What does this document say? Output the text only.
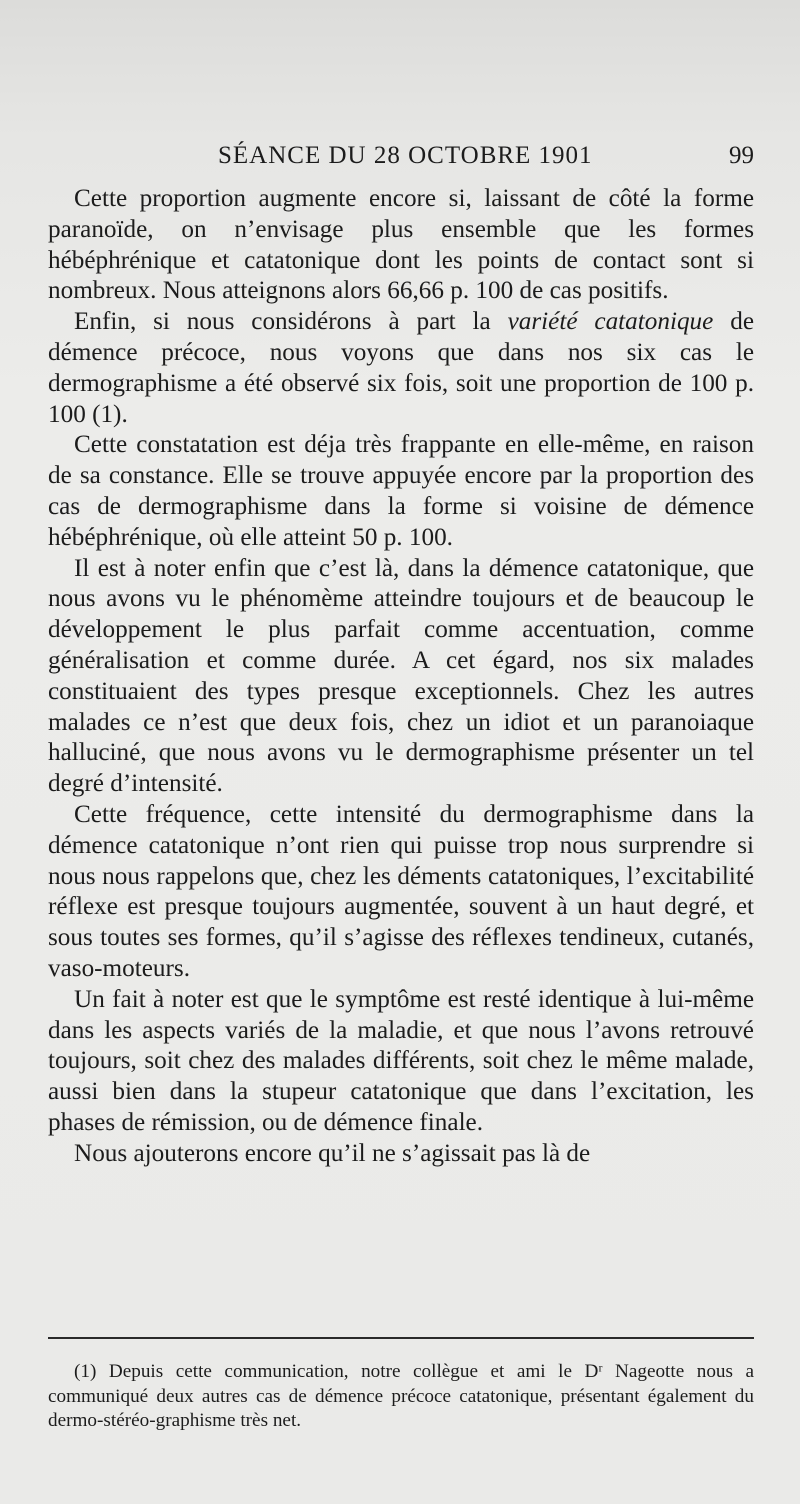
SÉANCE DU 28 OCTOBRE 1901	99

Cette proportion augmente encore si, laissant de côté la forme paranoïde, on n’envisage plus ensemble que les formes hébéphrénique et catatonique dont les points de contact sont si nombreux. Nous atteignons alors 66,66 p. 100 de cas positifs.

Enfin, si nous considérons à part la variété catatonique de démence précoce, nous voyons que dans nos six cas le dermographisme a été observé six fois, soit une proportion de 100 p. 100 (1).

Cette constatation est déja très frappante en elle-même, en raison de sa constance. Elle se trouve appuyée encore par la proportion des cas de dermographisme dans la forme si voisine de démence hébéphrénique, où elle atteint 50 p. 100.

Il est à noter enfin que c’est là, dans la démence catatonique, que nous avons vu le phénomème atteindre toujours et de beaucoup le développement le plus parfait comme accentuation, comme généralisation et comme durée. A cet égard, nos six malades constituaient des types presque exceptionnels. Chez les autres malades ce n’est que deux fois, chez un idiot et un paranoiaque halluciné, que nous avons vu le dermographisme présenter un tel degré d’intensité.

Cette fréquence, cette intensité du dermographisme dans la démence catatonique n’ont rien qui puisse trop nous surprendre si nous nous rappelons que, chez les déments catatoniques, l’excitabilité réflexe est presque toujours augmentée, souvent à un haut degré, et sous toutes ses formes, qu’il s’agisse des réflexes tendineux, cutanés, vaso-moteurs.

Un fait à noter est que le symptôme est resté identique à lui-même dans les aspects variés de la maladie, et que nous l’avons retrouvé toujours, soit chez des malades différents, soit chez le même malade, aussi bien dans la stupeur catatonique que dans l’excitation, les phases de rémission, ou de démence finale.

Nous ajouterons encore qu’il ne s’agissait pas là de

(1) Depuis cette communication, notre collègue et ami le Dʳ Nageotte nous a communiqué deux autres cas de démence précoce catatonique, présentant également du dermo-stéréo-graphisme très net.
